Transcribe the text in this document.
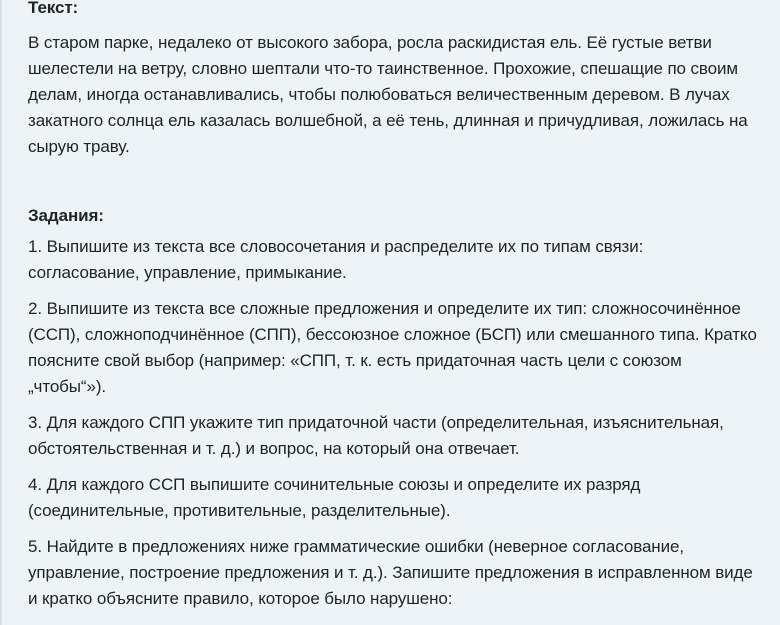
Текст:

В старом парке, недалеко от высокого забора, росла раскидистая ель. Её густые ветви шелестели на ветру, словно шептали что-то таинственное. Прохожие, спешащие по своим делам, иногда останавливались, чтобы полюбоваться величественным деревом. В лучах закатного солнца ель казалась волшебной, а её тень, длинная и причудливая, ложилась на сырую траву.

Задания:

1. Выпишите из текста все словосочетания и распределите их по типам связи: согласование, управление, примыкание.

2. Выпишите из текста все сложные предложения и определите их тип: сложносочинённое (ССП), сложноподчинённое (СПП), бессоюзное сложное (БСП) или смешанного типа. Кратко поясните свой выбор (например: «СПП, т. к. есть придаточная часть цели с союзом „чтобы“»).

3. Для каждого СПП укажите тип придаточной части (определительная, изъяснительная, обстоятельственная и т. д.) и вопрос, на который она отвечает.

4. Для каждого ССП выпишите сочинительные союзы и определите их разряд (соединительные, противительные, разделительные).

5. Найдите в предложениях ниже грамматические ошибки (неверное согласование, управление, построение предложения и т. д.). Запишите предложения в исправленном виде и кратко объясните правило, которое было нарушено:
